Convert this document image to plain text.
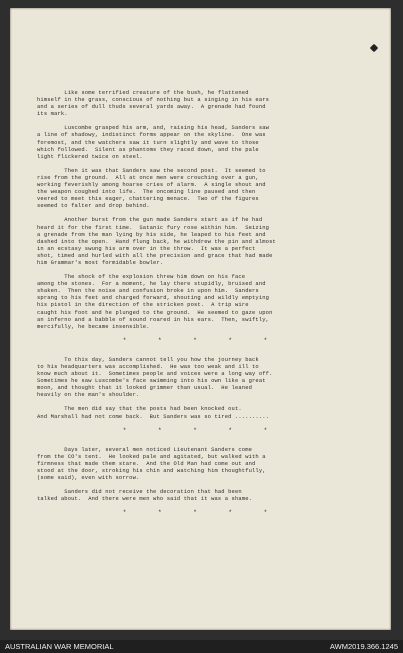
Like some terrified creature of the bush, he flattened
himself in the grass, conscious of nothing but a singing in his ears
and a series of dull thuds several yards away.  A grenade had found
its mark.
Luscombe grasped his arm, and, raising his head, Sanders saw
a line of shadowy, indistinct forms appear on the skyline.  One was
foremost, and the watchers saw it turn slightly and wave to those
which followed.  Silent as phantoms they raced down, and the pale
light flickered twice on steel.
Then it was that Sanders saw the second post.  It seemed to
rise from the ground.  All at once men were crouching over a gun,
working feverishly among hoarse cries of alarm.  A single shout and
the weapon coughed into life.  The oncoming line paused and then
veered to meet this eager, chattering menace.  Two of the figures
seemed to falter and drop behind.
Another burst from the gun made Sanders start as if he had
heard it for the first time.  Satanic fury rose within him.  Seizing
a grenade from the man lying by his side, he leaped to his feet and
dashed into the open.  Hand flung back, he withdrew the pin and almost
in an ecstasy swung his arm over in the throw.  It was a perfect
shot, timed and hurled with all the precision and grace that had made
him Grammar's most formidable bowler.
The shock of the explosion threw him down on his face
among the stones.  For a moment, he lay there stupidly, bruised and
shaken.  Then the noise and confusion broke in upon him.  Sanders
sprang to his feet and charged forward, shouting and wildly emptying
his pistol in the direction of the stricken post.  A trip wire
caught his foot and he plunged to the ground.  He seemed to gaze upon
an inferno and a babble of sound roared in his ears.  Then, swiftly,
mercifully, he became insensible.
* * * * *
To this day, Sanders cannot tell you how the journey back
to his headquarters was accomplished.  He was too weak and ill to
know much about it.  Sometimes people and voices were a long way off.
Sometimes he saw Luscombe's face swimming into his own like a great
moon, and thought that it looked grimmer than usual.  He leaned
heavily on the man's shoulder.
The men did say that the posts had been knocked out.
And Marshall had not come back.  But Sanders was so tired ..........
* * * * *
Days later, several men noticed Lieutenant Sanders come
from the CO's tent.  He looked pale and agitated, but walked with a
firmness that made them stare.  And the Old Man had come out and
stood at the door, stroking his chin and watching him thoughtfully,
(some said), even with sorrow.
Sanders did not receive the decoration that had been
talked about.  And there were men who said that it was a shame.
* * * * *
AUSTRALIAN WAR MEMORIAL	AWM2019.366.1245
